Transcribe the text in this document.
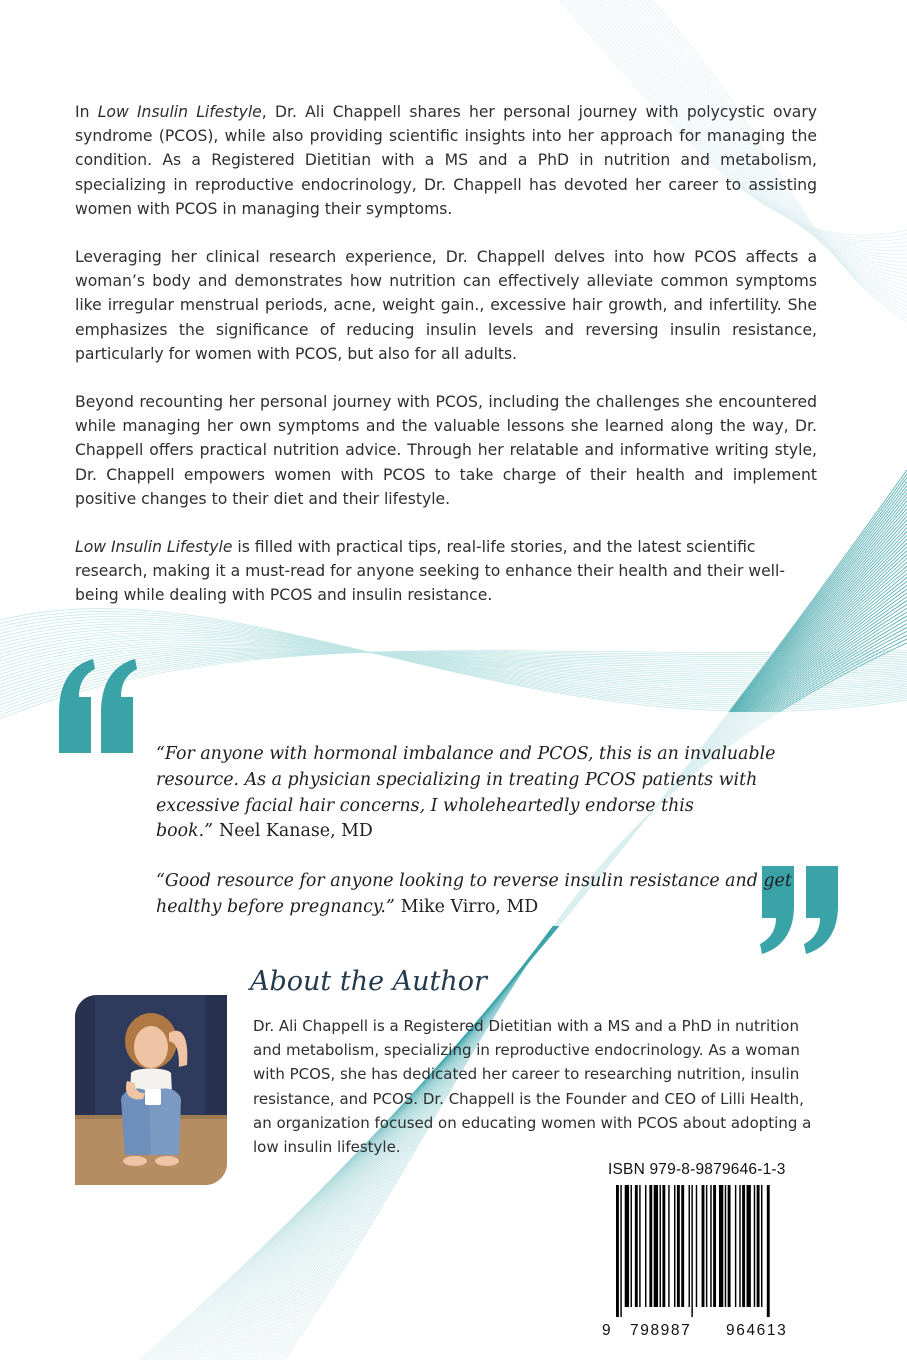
In Low Insulin Lifestyle, Dr. Ali Chappell shares her personal journey with polycystic ovary syndrome (PCOS), while also providing scientific insights into her approach for managing the condition. As a Registered Dietitian with a MS and a PhD in nutrition and metabolism, specializing in reproductive endocrinology, Dr. Chappell has devoted her career to assisting women with PCOS in managing their symptoms.

Leveraging her clinical research experience, Dr. Chappell delves into how PCOS affects a woman’s body and demonstrates how nutrition can effectively alleviate common symptoms like irregular menstrual periods, acne, weight gain., excessive hair growth, and infertility. She emphasizes the significance of reducing insulin levels and reversing insulin resistance, particularly for women with PCOS, but also for all adults.

Beyond recounting her personal journey with PCOS, including the challenges she encountered while managing her own symptoms and the valuable lessons she learned along the way, Dr. Chappell offers practical nutrition advice. Through her relatable and informative writing style, Dr. Chappell empowers women with PCOS to take charge of their health and implement positive changes to their diet and their lifestyle.

Low Insulin Lifestyle is filled with practical tips, real-life stories, and the latest scientific research, making it a must-read for anyone seeking to enhance their health and their well-being while dealing with PCOS and insulin resistance.

“For anyone with hormonal imbalance and PCOS, this is an invaluable resource. As a physician specializing in treating PCOS patients with excessive facial hair concerns, I wholeheartedly endorse this book.” Neel Kanase, MD

“Good resource for anyone looking to reverse insulin resistance and get healthy before pregnancy.” Mike Virro, MD

About the Author

Dr. Ali Chappell is a Registered Dietitian with a MS and a PhD in nutrition and metabolism, specializing in reproductive endocrinology. As a woman with PCOS, she has dedicated her career to researching nutrition, insulin resistance, and PCOS. Dr. Chappell is the Founder and CEO of Lilli Health, an organization focused on educating women with PCOS about adopting a low insulin lifestyle.

ISBN 979-8-9879646-1-3
9 798987 964613
